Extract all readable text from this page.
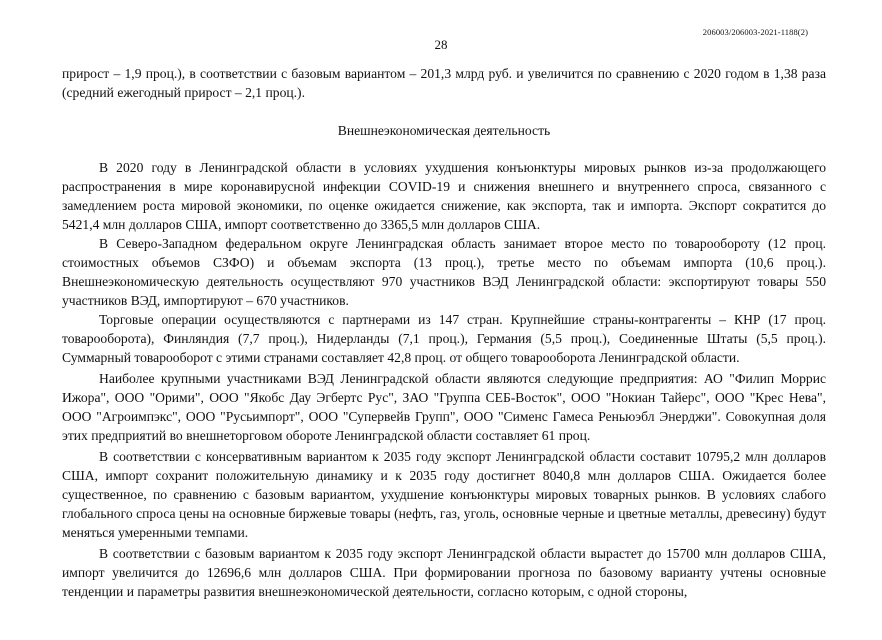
206003/206003-2021-1188(2)
28

прирост – 1,9 проц.), в соответствии с базовым вариантом – 201,3 млрд руб. и увеличится по сравнению с 2020 годом в 1,38 раза (средний ежегодный прирост – 2,1 проц.).

Внешнеэкономическая деятельность

В 2020 году в Ленинградской области в условиях ухудшения конъюнктуры мировых рынков из-за продолжающего распространения в мире коронавирусной инфекции COVID-19 и снижения внешнего и внутреннего спроса, связанного с замедлением роста мировой экономики, по оценке ожидается снижение, как экспорта, так и импорта. Экспорт сократится до 5421,4 млн долларов США, импорт соответственно до 3365,5 млн долларов США.

В Северо-Западном федеральном округе Ленинградская область занимает второе место по товарообороту (12 проц. стоимостных объемов СЗФО) и объемам экспорта (13 проц.), третье место по объемам импорта (10,6 проц.). Внешнеэкономическую деятельность осуществляют 970 участников ВЭД Ленинградской области: экспортируют товары 550 участников ВЭД, импортируют – 670 участников.

Торговые операции осуществляются с партнерами из 147 стран. Крупнейшие страны-контрагенты – КНР (17 проц. товарооборота), Финляндия (7,7 проц.), Нидерланды (7,1 проц.), Германия (5,5 проц.), Соединенные Штаты (5,5 проц.). Суммарный товарооборот с этими странами составляет 42,8 проц. от общего товарооборота Ленинградской области.

Наиболее крупными участниками ВЭД Ленинградской области являются следующие предприятия: АО "Филип Моррис Ижора", ООО "Орими", ООО "Якобс Дау Эгбертс Рус", ЗАО "Группа СЕБ-Восток", ООО "Нокиан Тайерс", ООО "Крес Нева", ООО "Агроимпэкс", ООО "Русьимпорт", ООО "Супервейв Групп", ООО "Сименс Гамеса Реньюэбл Энерджи". Совокупная доля этих предприятий во внешнеторговом обороте Ленинградской области составляет 61 проц.

В соответствии с консервативным вариантом к 2035 году экспорт Ленинградской области составит 10795,2 млн долларов США, импорт сохранит положительную динамику и к 2035 году достигнет 8040,8 млн долларов США. Ожидается более существенное, по сравнению с базовым вариантом, ухудшение конъюнктуры мировых товарных рынков. В условиях слабого глобального спроса цены на основные биржевые товары (нефть, газ, уголь, основные черные и цветные металлы, древесину) будут меняться умеренными темпами.

В соответствии с базовым вариантом к 2035 году экспорт Ленинградской области вырастет до 15700 млн долларов США, импорт увеличится до 12696,6 млн долларов США. При формировании прогноза по базовому варианту учтены основные тенденции и параметры развития внешнеэкономической деятельности, согласно которым, с одной стороны,
